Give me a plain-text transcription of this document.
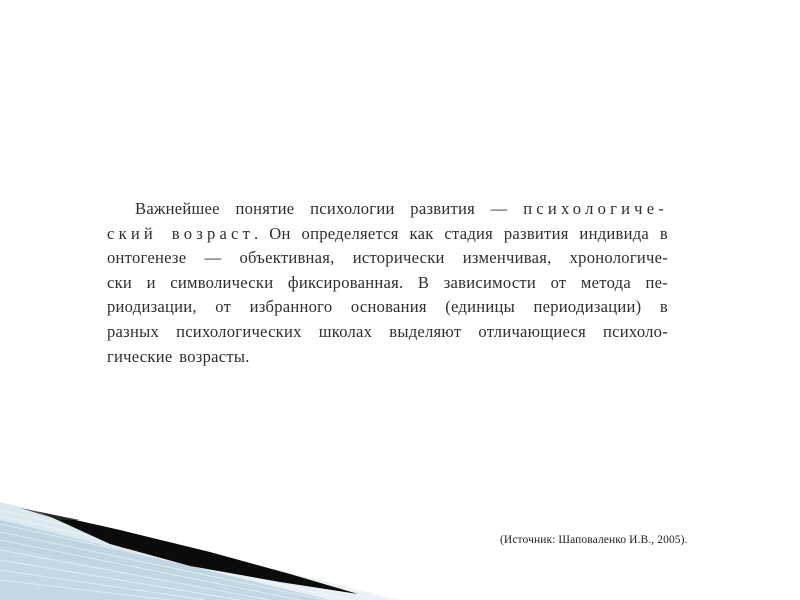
Важнейшее понятие психологии развития — психологиче-
ский возраст. Он определяется как стадия развития индивида в
онтогенезе — объективная, исторически изменчивая, хронологиче-
ски и символически фиксированная. В зависимости от метода пе-
риодизации, от избранного основания (единицы периодизации) в
разных психологических школах выделяют отличающиеся психоло-
гические возрасты.
(Источник: Шаповаленко И.В., 2005).
